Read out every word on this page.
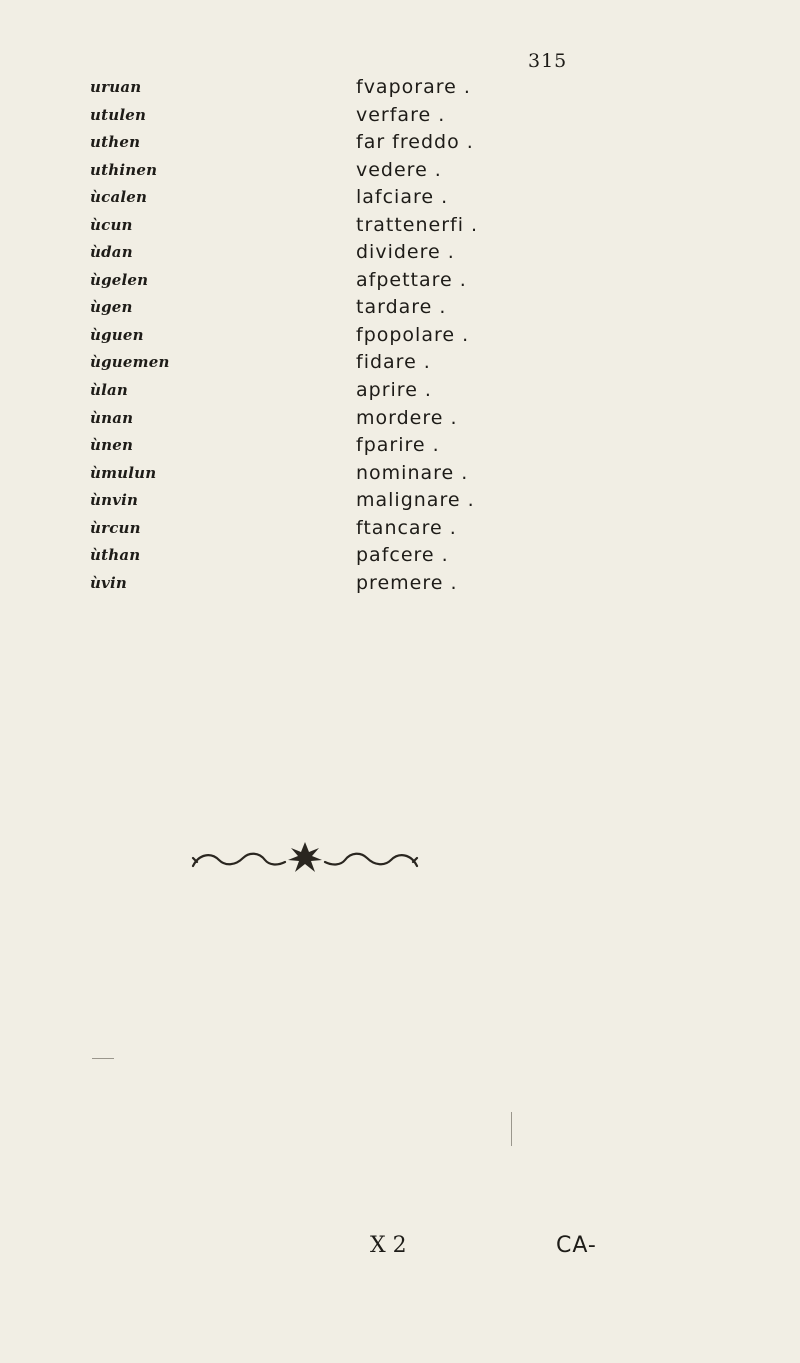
315
uruan	fvaporare .
utulen	verfare .
uthen	far freddo .
uthinen	vedere .
ùcalen	lafciare .
ùcun	trattenerfi .
ùdan	dividere .
ùgelen	afpettare .
ùgen	tardare .
ùguen	fpopolare .
ùguemen	fidare .
ùlan	aprire .
ùnan	mordere .
ùnen	fparire .
ùmulun	nominare .
ùnvin	malignare .
ùrcun	ftancare .
ùthan	pafcere .
ùvin	premere .
X 2	CA-
